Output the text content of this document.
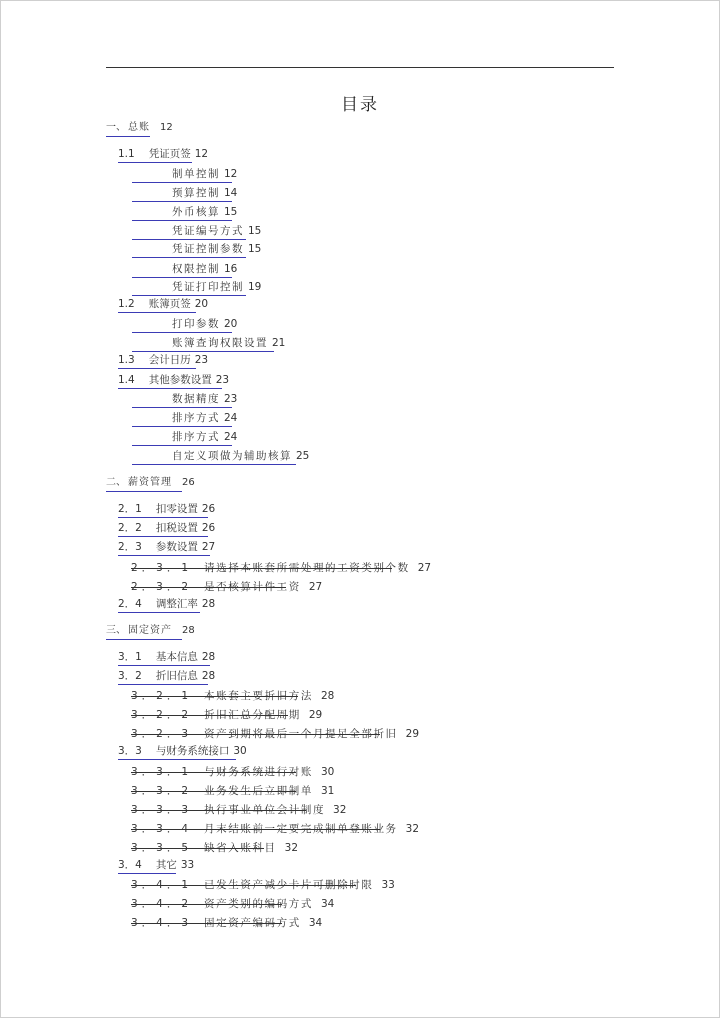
目录
一、 总账 12
1.1 凭证页签 12
制单控制 12
预算控制 14
外币核算 15
凭证编号方式 15
凭证控制参数 15
权限控制 16
凭证打印控制 19
1.2 账簿页签 20
打印参数 20
账簿查询权限设置 21
1.3 会计日历 23
1.4 其他参数设置 23
数据精度 23
排序方式 24
排序方式 24
自定义项做为辅助核算 25
二、 薪资管理 26
2．1 扣零设置 26
2．2 扣税设置 26
2．3 参数设置 27
2．3．1 请选择本账套所需处理的工资类别个数 27
2．3．2 是否核算计件工资 27
2．4 调整汇率 28
三、 固定资产 28
3．1 基本信息 28
3．2 折旧信息 28
3．2．1 本账套主要折旧方法 28
3．2．2 折旧汇总分配周期 29
3．2．3 资产到期将最后一个月提足全部折旧 29
3．3 与财务系统接口 30
3．3．1 与财务系统进行对账 30
3．3．2 业务发生后立即制单 31
3．3．3 执行事业单位会计制度 32
3．3．4 月末结账前一定要完成制单登账业务 32
3．3．5 缺省入账科目 32
3．4 其它 33
3．4．1 已发生资产减少卡片可删除时限 33
3．4．2 资产类别的编码方式 34
3．4．3 固定资产编码方式 34
